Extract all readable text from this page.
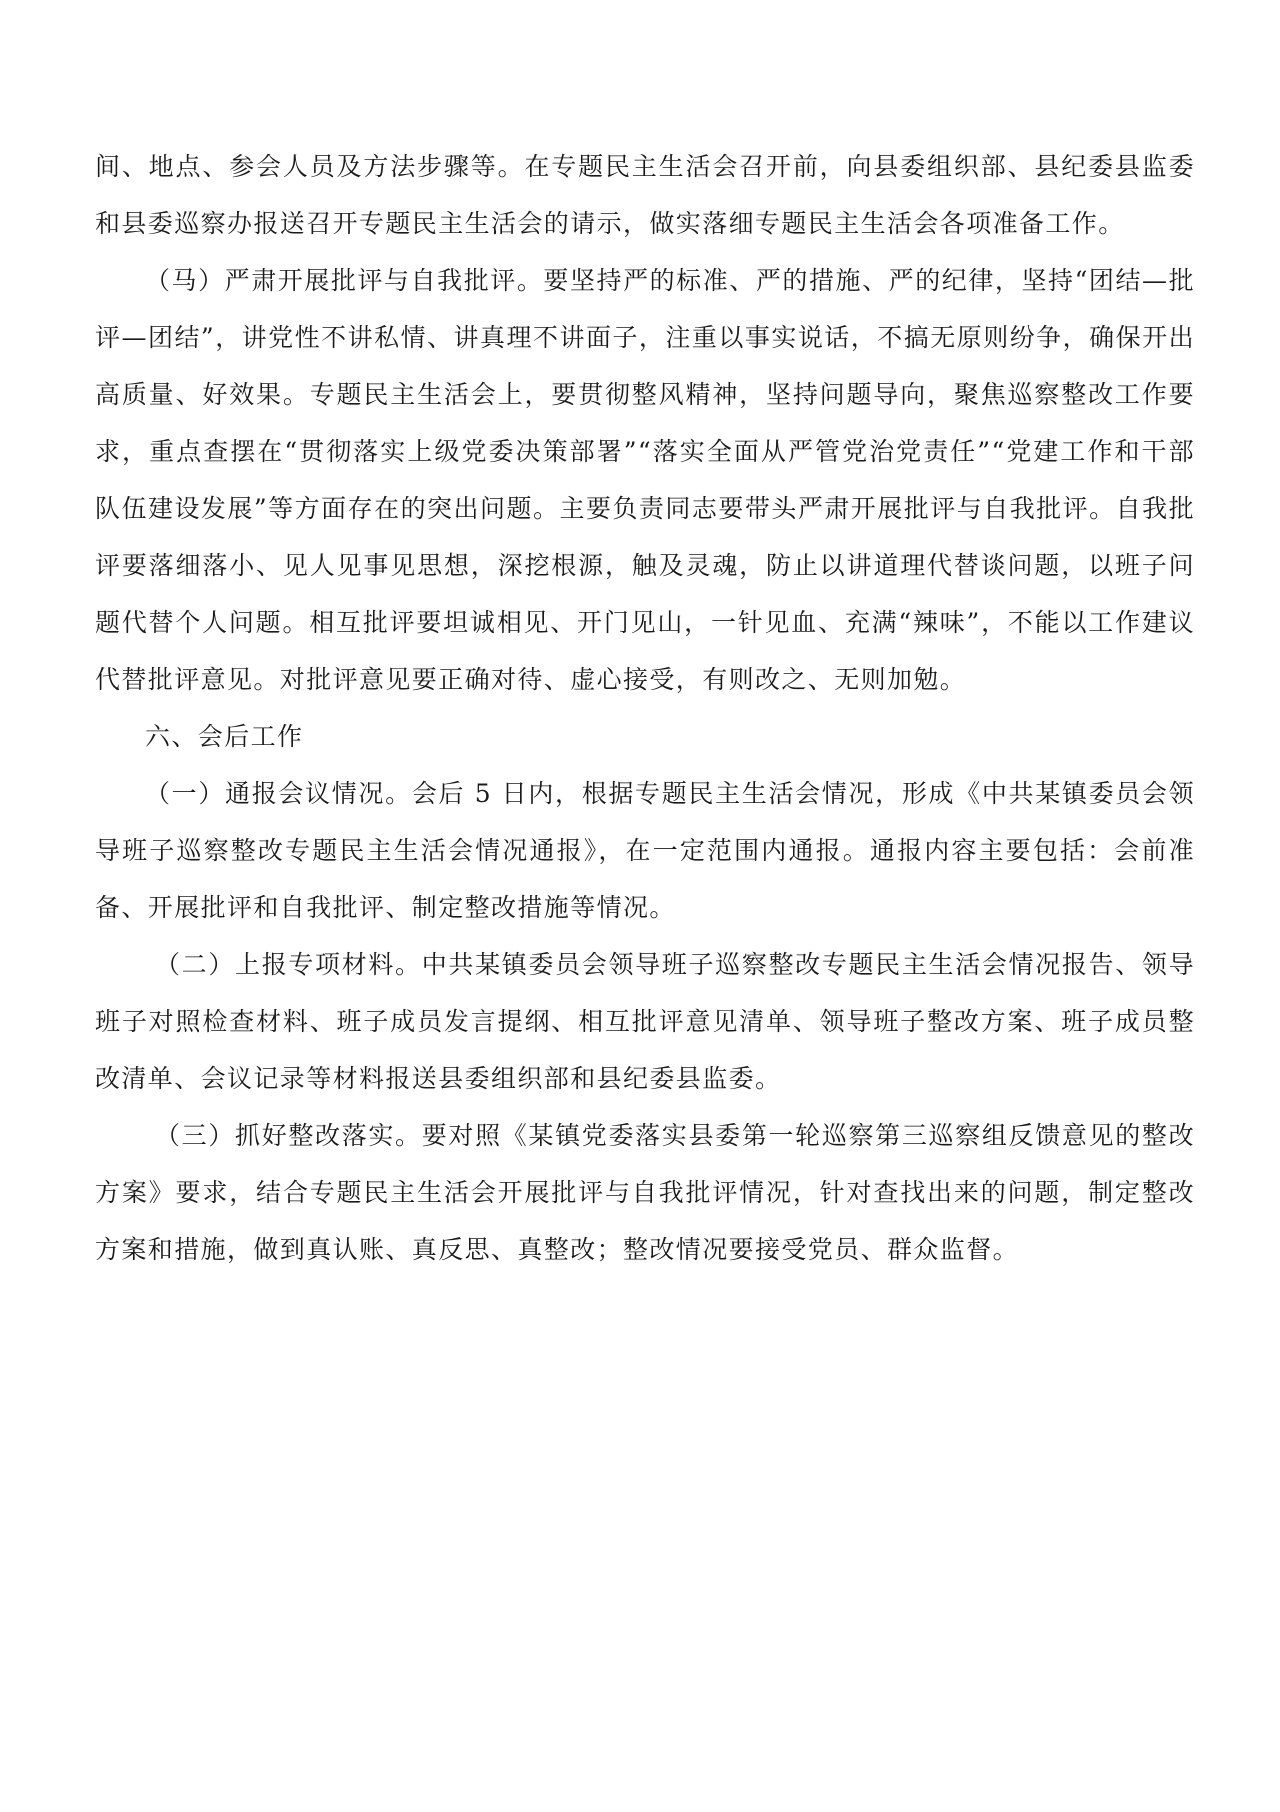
间、地点、参会人员及方法步骤等。在专题民主生活会召开前，向县委组织部、县纪委县监委和县委巡察办报送召开专题民主生活会的请示，做实落细专题民主生活会各项准备工作。

（马）严肃开展批评与自我批评。要坚持严的标准、严的措施、严的纪律，坚持“团结—批评—团结”，讲党性不讲私情、讲真理不讲面子，注重以事实说话，不搞无原则纷争，确保开出高质量、好效果。专题民主生活会上，要贯彻整风精神，坚持问题导向，聚焦巡察整改工作要求，重点查摆在“贯彻落实上级党委决策部署”“落实全面从严管党治党责任”“党建工作和干部队伍建设发展”等方面存在的突出问题。主要负责同志要带头严肃开展批评与自我批评。自我批评要落细落小、见人见事见思想，深挖根源，触及灵魂，防止以讲道理代替谈问题，以班子问题代替个人问题。相互批评要坦诚相见、开门见山，一针见血、充满“辣味”，不能以工作建议代替批评意见。对批评意见要正确对待、虚心接受，有则改之、无则加勉。

六、会后工作

（一）通报会议情况。会后 5 日内，根据专题民主生活会情况，形成《中共某镇委员会领导班子巡察整改专题民主生活会情况通报》，在一定范围内通报。通报内容主要包括：会前准备、开展批评和自我批评、制定整改措施等情况。

（二）上报专项材料。中共某镇委员会领导班子巡察整改专题民主生活会情况报告、领导班子对照检查材料、班子成员发言提纲、相互批评意见清单、领导班子整改方案、班子成员整改清单、会议记录等材料报送县委组织部和县纪委县监委。

（三）抓好整改落实。要对照《某镇党委落实县委第一轮巡察第三巡察组反馈意见的整改方案》要求，结合专题民主生活会开展批评与自我批评情况，针对查找出来的问题，制定整改方案和措施，做到真认账、真反思、真整改；整改情况要接受党员、群众监督。
